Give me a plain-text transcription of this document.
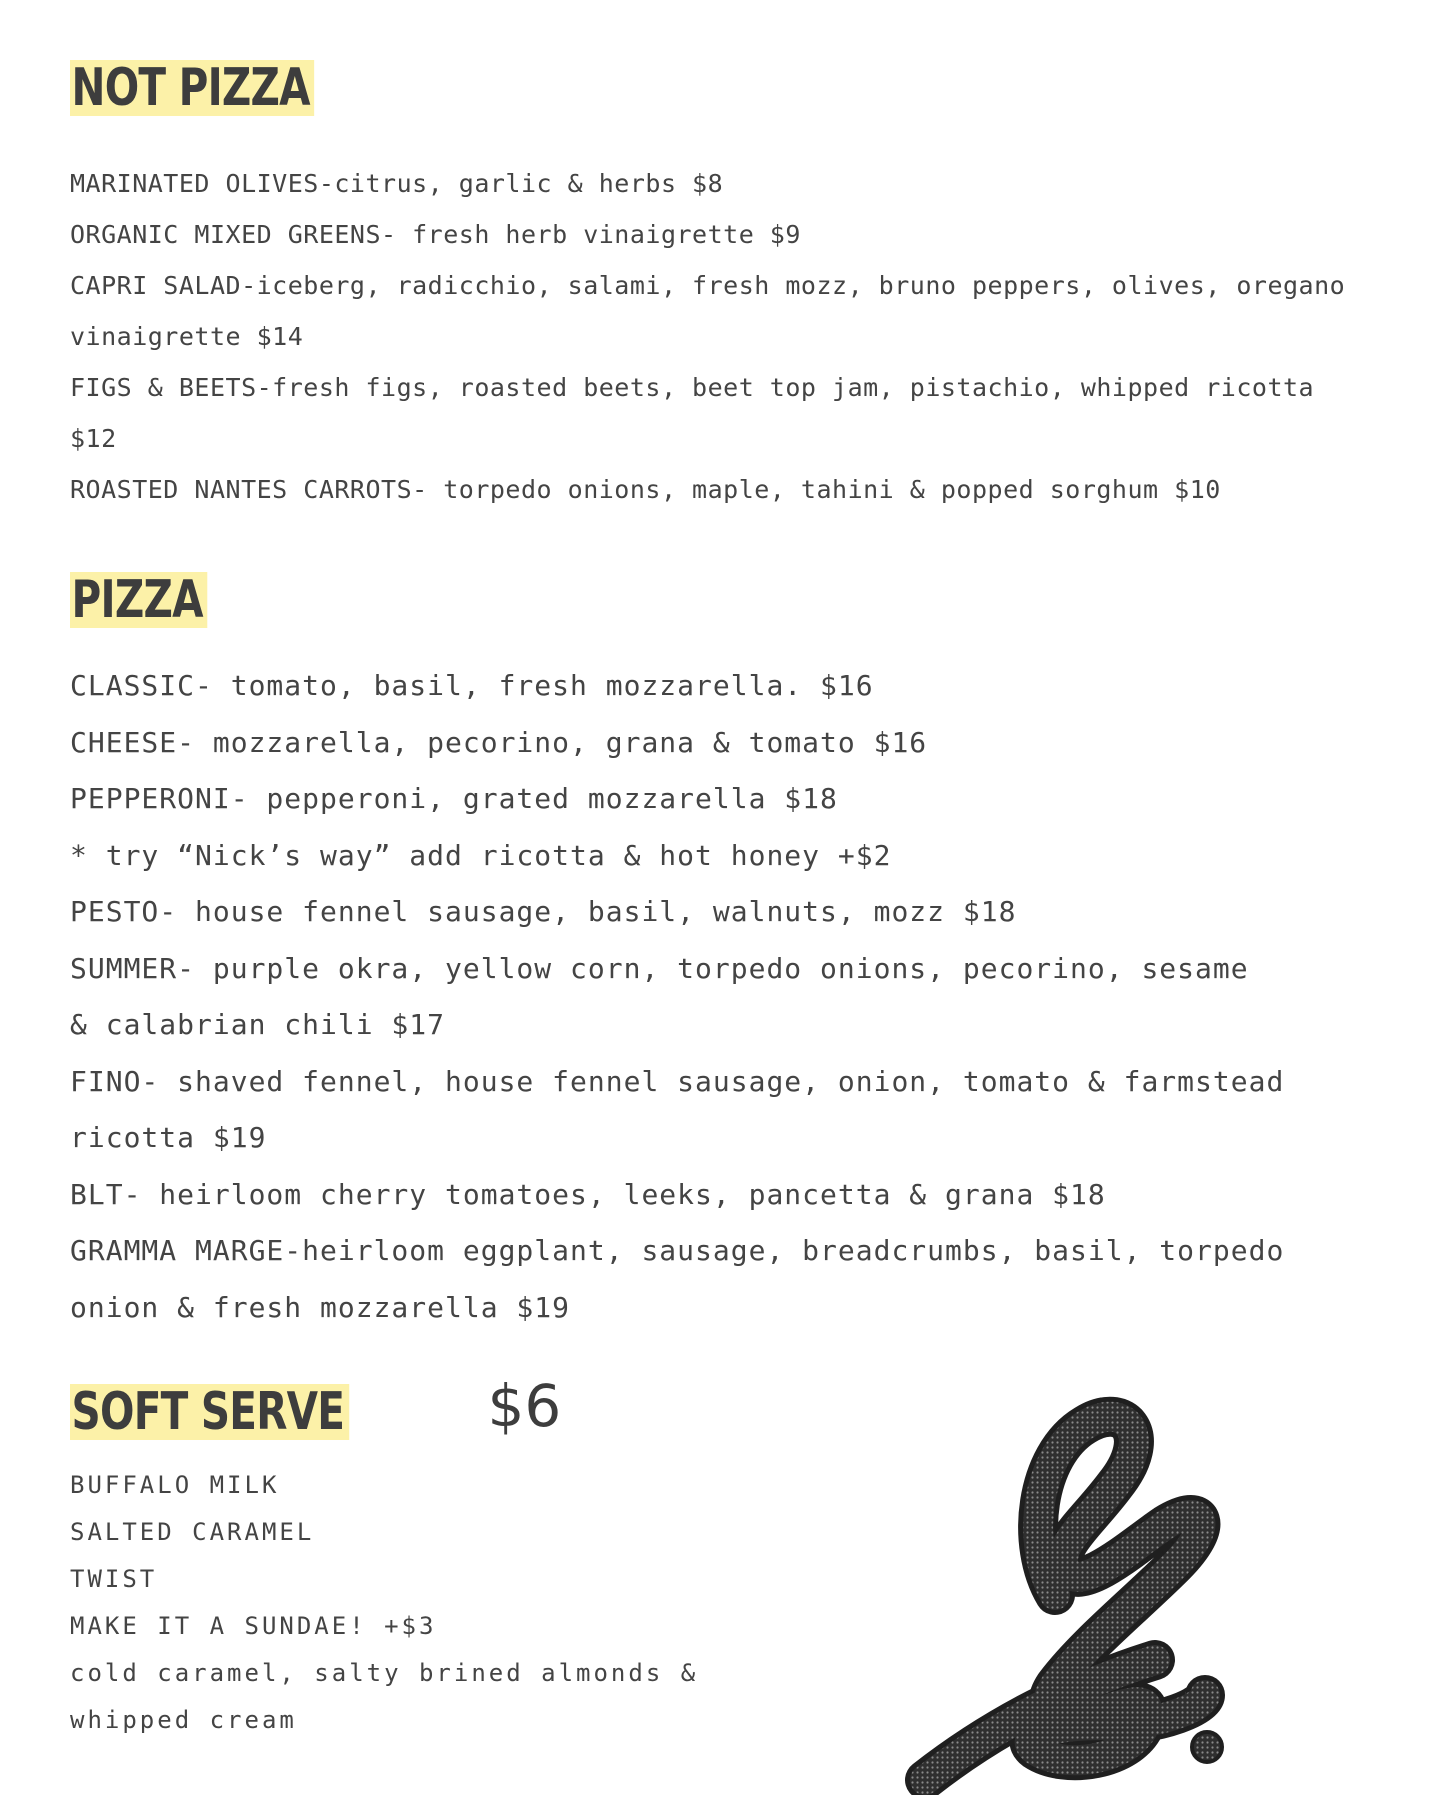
NOT PIZZA
MARINATED OLIVES-citrus, garlic & herbs $8
ORGANIC MIXED GREENS- fresh herb vinaigrette $9
CAPRI SALAD-iceberg, radicchio, salami, fresh mozz, bruno peppers, olives, oregano
vinaigrette $14
FIGS & BEETS-fresh figs, roasted beets, beet top jam, pistachio, whipped ricotta
$12
ROASTED NANTES CARROTS- torpedo onions, maple, tahini & popped sorghum $10
PIZZA
CLASSIC- tomato, basil, fresh mozzarella. $16
CHEESE- mozzarella, pecorino, grana & tomato $16
PEPPERONI- pepperoni, grated mozzarella $18
* try “Nick’s way” add ricotta & hot honey +$2
PESTO- house fennel sausage, basil, walnuts, mozz $18
SUMMER- purple okra, yellow corn, torpedo onions, pecorino, sesame
& calabrian chili $17
FINO- shaved fennel, house fennel sausage, onion, tomato & farmstead
ricotta $19
BLT- heirloom cherry tomatoes, leeks, pancetta & grana $18
GRAMMA MARGE-heirloom eggplant, sausage, breadcrumbs, basil, torpedo
onion & fresh mozzarella $19
SOFT SERVE $6
BUFFALO MILK
SALTED CARAMEL
TWIST
MAKE IT A SUNDAE! +$3
cold caramel, salty brined almonds &
whipped cream
